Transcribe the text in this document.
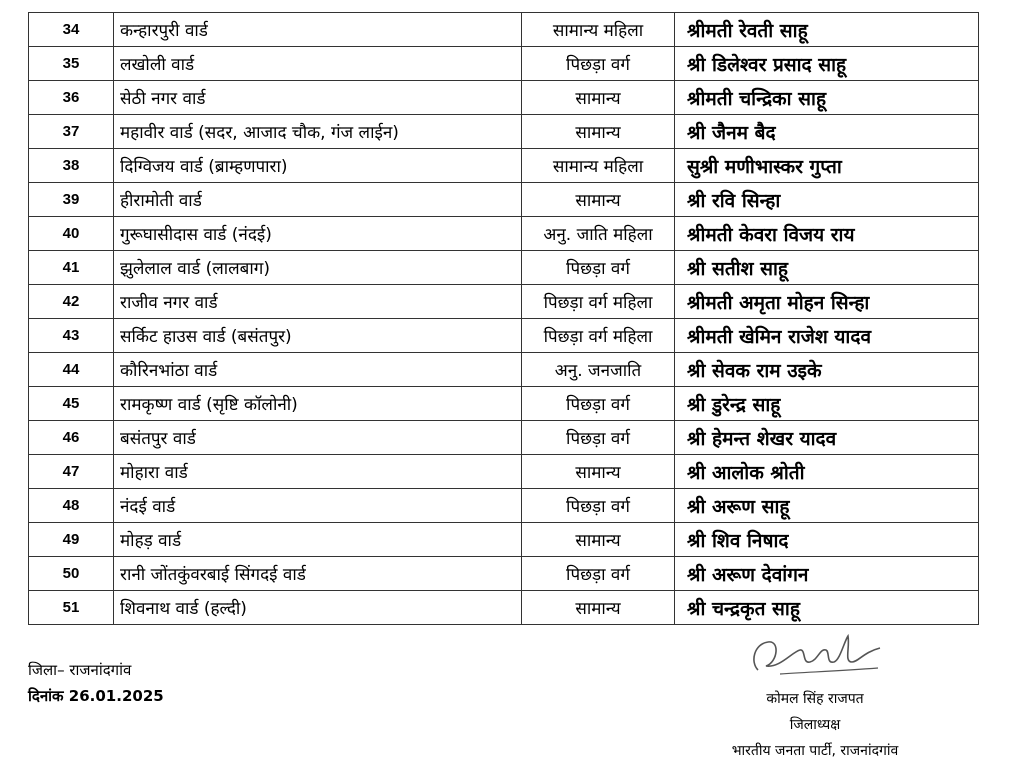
34	कन्हारपुरी वार्ड	सामान्य महिला	श्रीमती रेवती साहू
35	लखोली वार्ड	पिछड़ा वर्ग	श्री डिलेश्वर प्रसाद साहू
36	सेठी नगर वार्ड	सामान्य	श्रीमती चन्द्रिका साहू
37	महावीर वार्ड (सदर, आजाद चौक, गंज लाईन)	सामान्य	श्री जैनम बैद
38	दिग्विजय वार्ड (ब्राम्हणपारा)	सामान्य महिला	सुश्री मणीभास्कर गुप्ता
39	हीरामोती वार्ड	सामान्य	श्री रवि सिन्हा
40	गुरूघासीदास वार्ड (नंदई)	अनु. जाति महिला	श्रीमती केवरा विजय राय
41	झुलेलाल वार्ड (लालबाग)	पिछड़ा वर्ग	श्री सतीश साहू
42	राजीव नगर वार्ड	पिछड़ा वर्ग महिला	श्रीमती अमृता मोहन सिन्हा
43	सर्किट हाउस वार्ड (बसंतपुर)	पिछड़ा वर्ग महिला	श्रीमती खेमिन राजेश यादव
44	कौरिनभांठा वार्ड	अनु. जनजाति	श्री सेवक राम उइके
45	रामकृष्ण वार्ड (सृष्टि कॉलोनी)	पिछड़ा वर्ग	श्री डुरेन्द्र साहू
46	बसंतपुर वार्ड	पिछड़ा वर्ग	श्री हेमन्त शेखर यादव
47	मोहारा वार्ड	सामान्य	श्री आलोक श्रोती
48	नंदई वार्ड	पिछड़ा वर्ग	श्री अरूण साहू
49	मोहड़ वार्ड	सामान्य	श्री शिव निषाद
50	रानी जोंतकुंवरबाई सिंगदई वार्ड	पिछड़ा वर्ग	श्री अरूण देवांगन
51	शिवनाथ वार्ड (हल्दी)	सामान्य	श्री चन्द्रकृत साहू
जिला– राजनांदगांव
दिनांक 26.01.2025	कोमल सिंह राजपत
जिलाध्यक्ष
भारतीय जनता पार्टी, राजनांदगांव
